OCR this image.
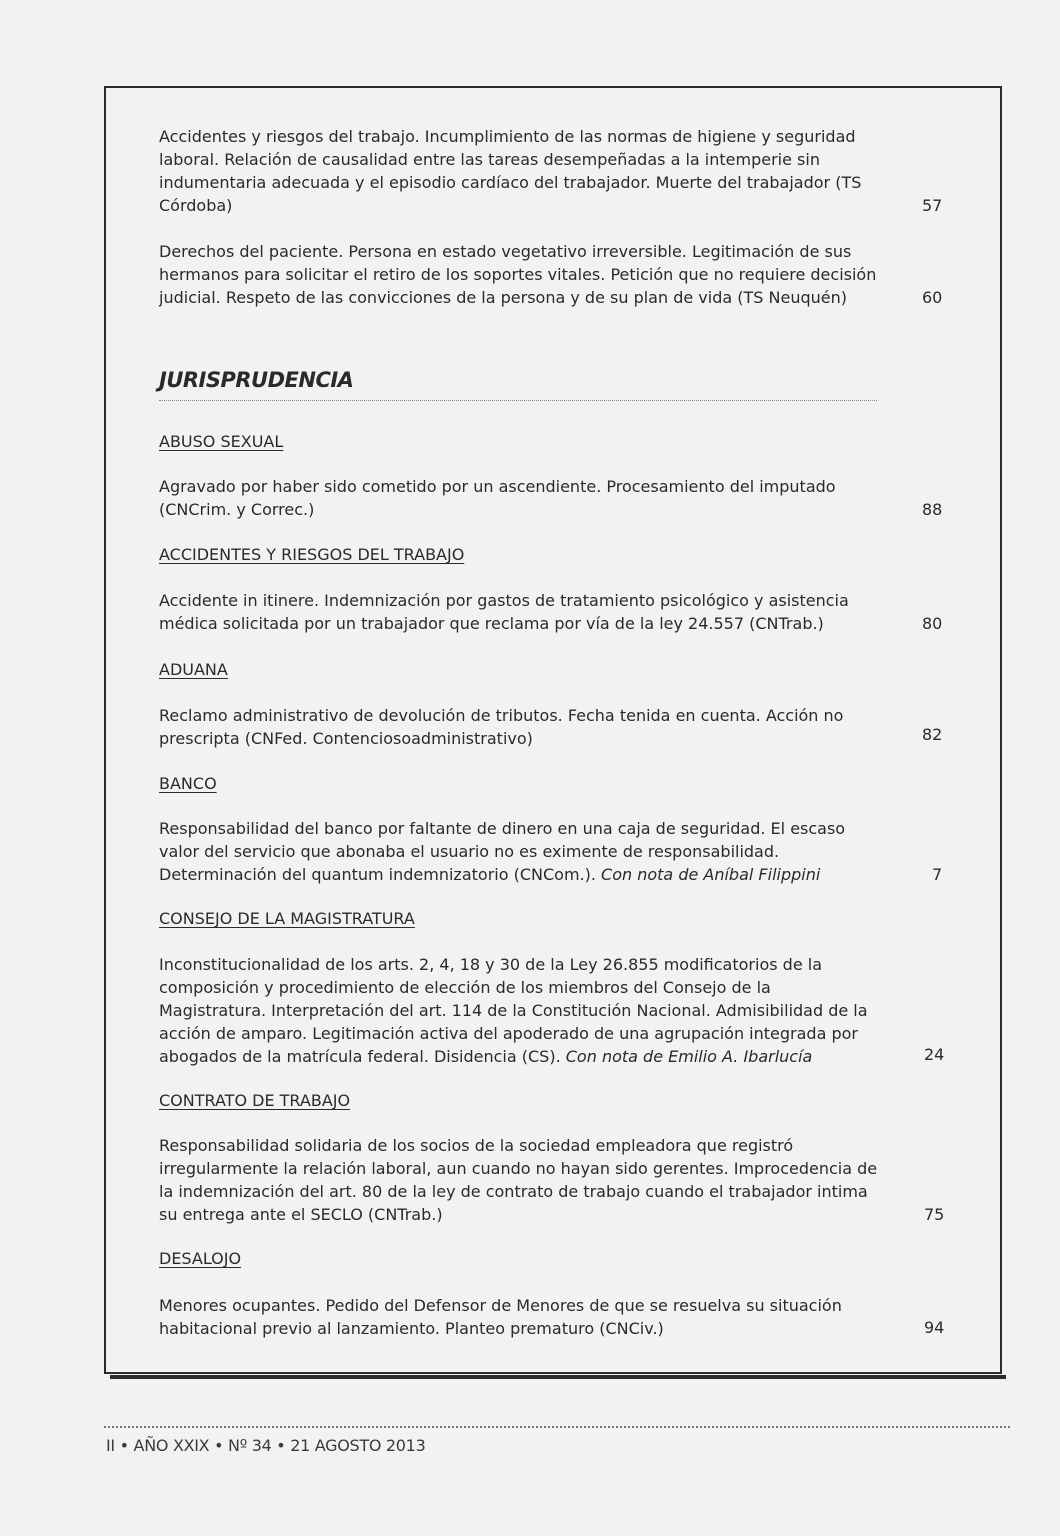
Accidentes y riesgos del trabajo. Incumplimiento de las normas de higiene y seguridad laboral. Relación de causalidad entre las tareas desempeñadas a la intemperie sin indumentaria adecuada y el episodio cardíaco del trabajador. Muerte del trabajador (TS Córdoba)	57

Derechos del paciente. Persona en estado vegetativo irreversible. Legitimación de sus hermanos para solicitar el retiro de los soportes vitales. Petición que no requiere decisión judicial. Respeto de las convicciones de la persona y de su plan de vida (TS Neuquén)	60
JURISPRUDENCIA

ABUSO SEXUAL

Agravado por haber sido cometido por un ascendiente. Procesamiento del imputado (CNCrim. y Correc.)	88

ACCIDENTES Y RIESGOS DEL TRABAJO

Accidente in itinere. Indemnización por gastos de tratamiento psicológico y asistencia médica solicitada por un trabajador que reclama por vía de la ley 24.557 (CNTrab.)	80

ADUANA

Reclamo administrativo de devolución de tributos. Fecha tenida en cuenta. Acción no prescripta (CNFed. Contenciosoadministrativo)	82

BANCO

Responsabilidad del banco por faltante de dinero en una caja de seguridad. El escaso valor del servicio que abonaba el usuario no es eximente de responsabilidad. Determinación del quantum indemnizatorio (CNCom.). Con nota de Aníbal Filippini	7

CONSEJO DE LA MAGISTRATURA

Inconstitucionalidad de los arts. 2, 4, 18 y 30 de la Ley 26.855 modificatorios de la composición y procedimiento de elección de los miembros del Consejo de la Magistratura. Interpretación del art. 114 de la Constitución Nacional. Admisibilidad de la acción de amparo. Legitimación activa del apoderado de una agrupación integrada por abogados de la matrícula federal. Disidencia (CS). Con nota de Emilio A. Ibarlucía	24

CONTRATO DE TRABAJO

Responsabilidad solidaria de los socios de la sociedad empleadora que registró irregularmente la relación laboral, aun cuando no hayan sido gerentes. Improcedencia de la indemnización del art. 80 de la ley de contrato de trabajo cuando el trabajador intima su entrega ante el SECLO (CNTrab.)	75

DESALOJO

Menores ocupantes. Pedido del Defensor de Menores de que se resuelva su situación habitacional previo al lanzamiento. Planteo prematuro (CNCiv.)	94
II • AÑO XXIX • Nº 34 • 21 AGOSTO 2013
